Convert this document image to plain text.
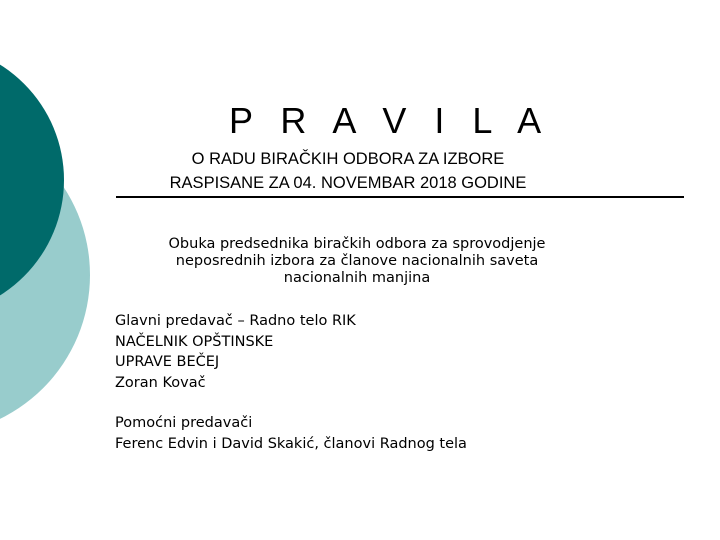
P R A V I L A
O RADU BIRAČKIH ODBORA ZA IZBORE
RASPISANE ZA 04. NOVEMBAR 2018 GODINE
Obuka predsednika biračkih odbora za sprovodjenje
neposrednih izbora za članove nacionalnih saveta
nacionalnih manjina
Glavni predavač – Radno telo RIK
NAČELNIK OPŠTINSKE
UPRAVE BEČEJ
Zoran Kovač
Pomoćni predavači
Ferenc Edvin i David Skakić, članovi Radnog tela
